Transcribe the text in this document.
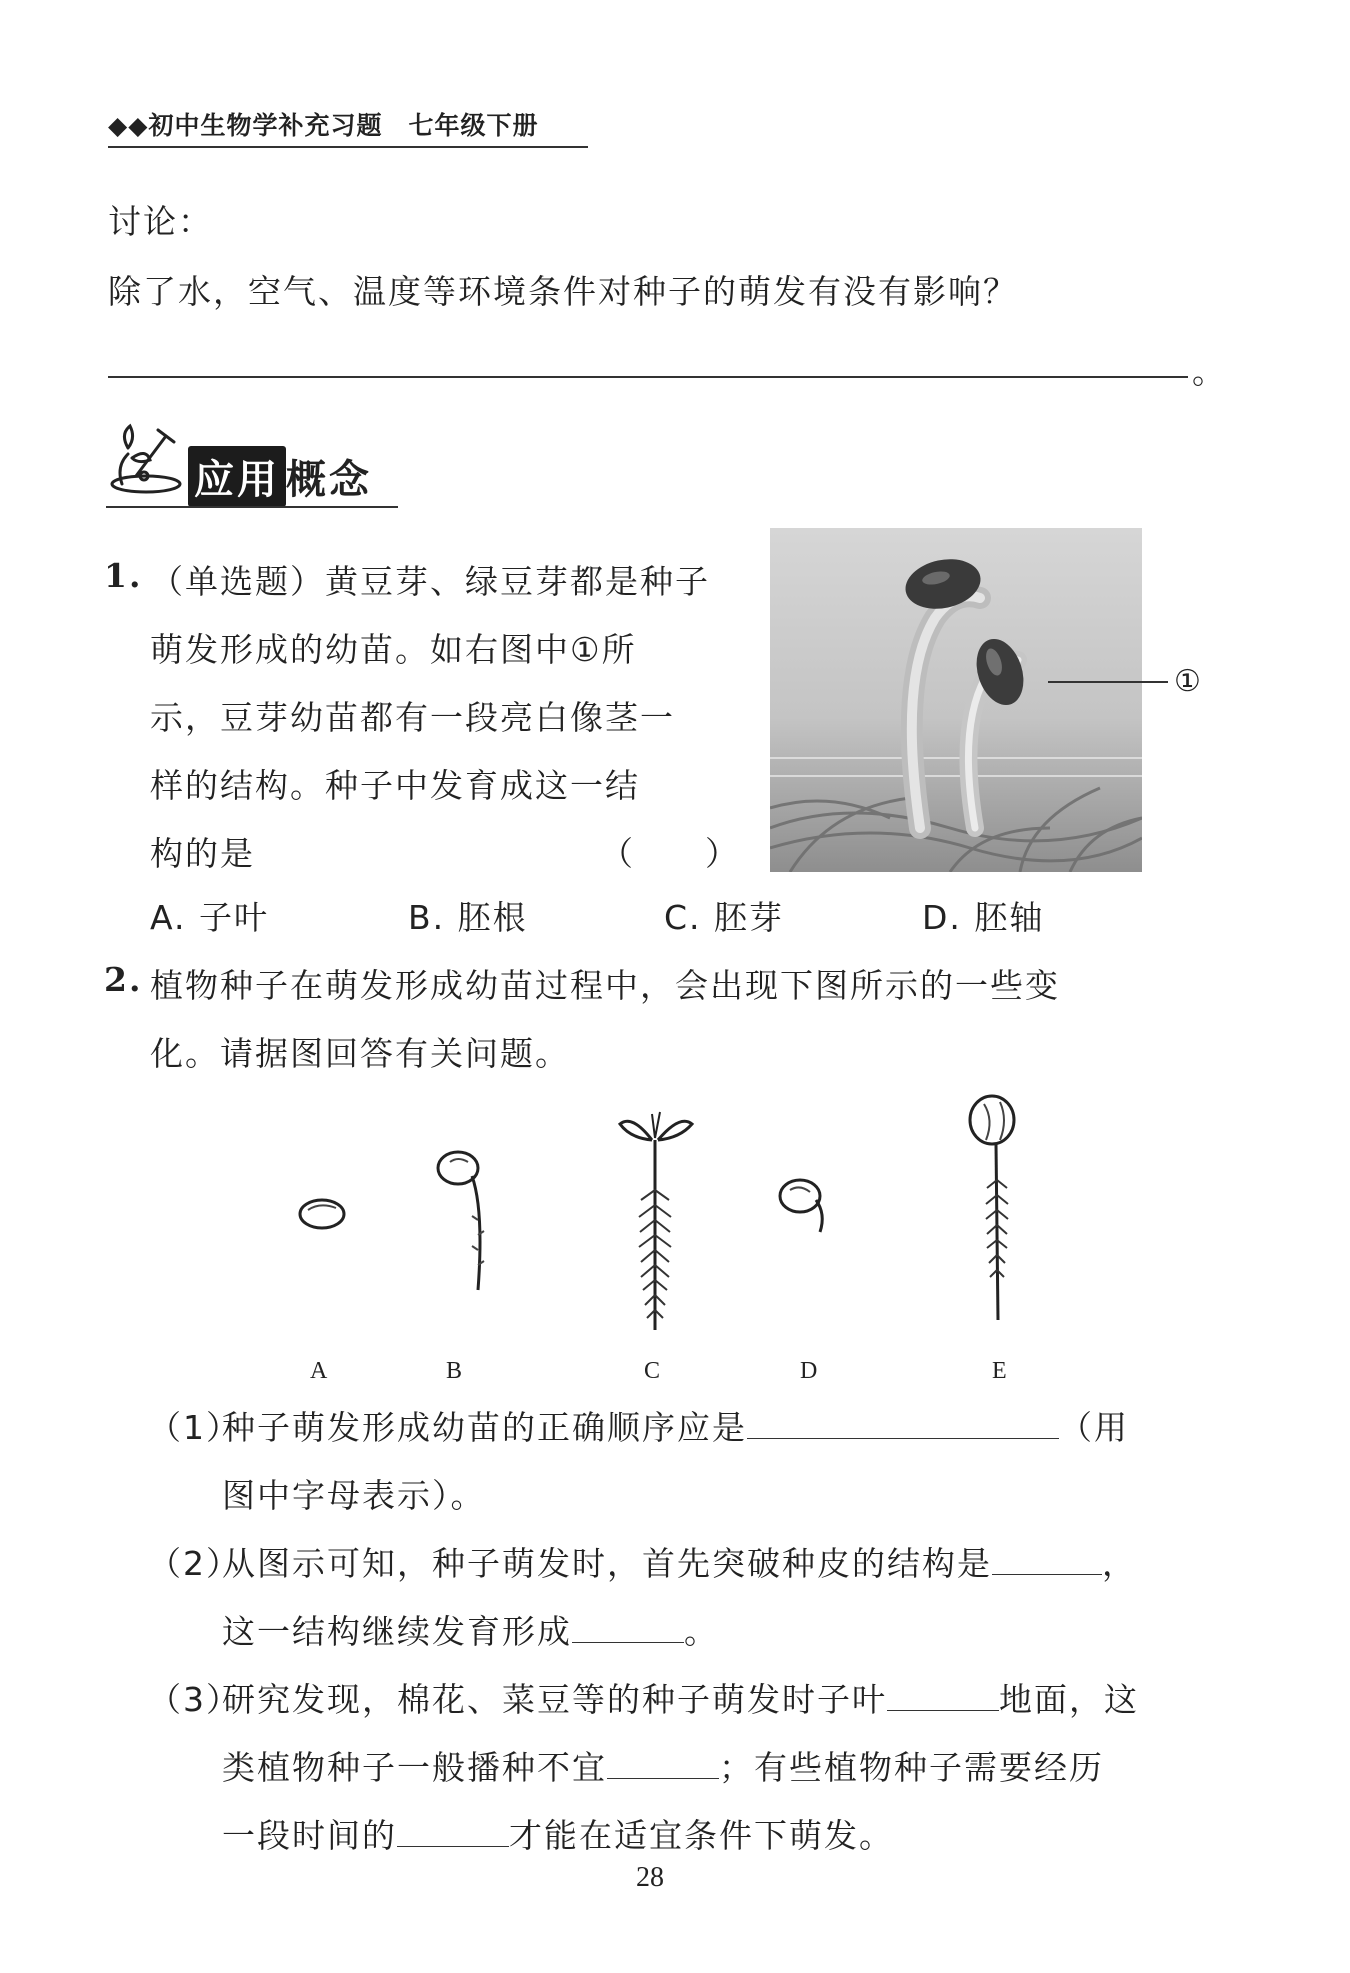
◆◆初中生物学补充习题 七年级下册
讨论：
除了水，空气、温度等环境条件对种子的萌发有没有影响？
。
应用 概念
1. （单选题）黄豆芽、绿豆芽都是种子
萌发形成的幼苗。如右图中①所
示，豆芽幼苗都有一段亮白像茎一
样的结构。种子中发育成这一结
构的是	（　　）
①
A. 子叶	B. 胚根	C. 胚芽	D. 胚轴
2. 植物种子在萌发形成幼苗过程中，会出现下图所示的一些变
化。请据图回答有关问题。
A	B	C	D	E
（1）
种子萌发形成幼苗的正确顺序应是	（用
图中字母表示）。
（2）
从图示可知，种子萌发时，首先突破种皮的结构是	，
这一结构继续发育形成	。
（3）
研究发现，棉花、菜豆等的种子萌发时子叶	地面，这
类植物种子一般播种不宜	；有些植物种子需要经历
一段时间的	才能在适宜条件下萌发。
28
